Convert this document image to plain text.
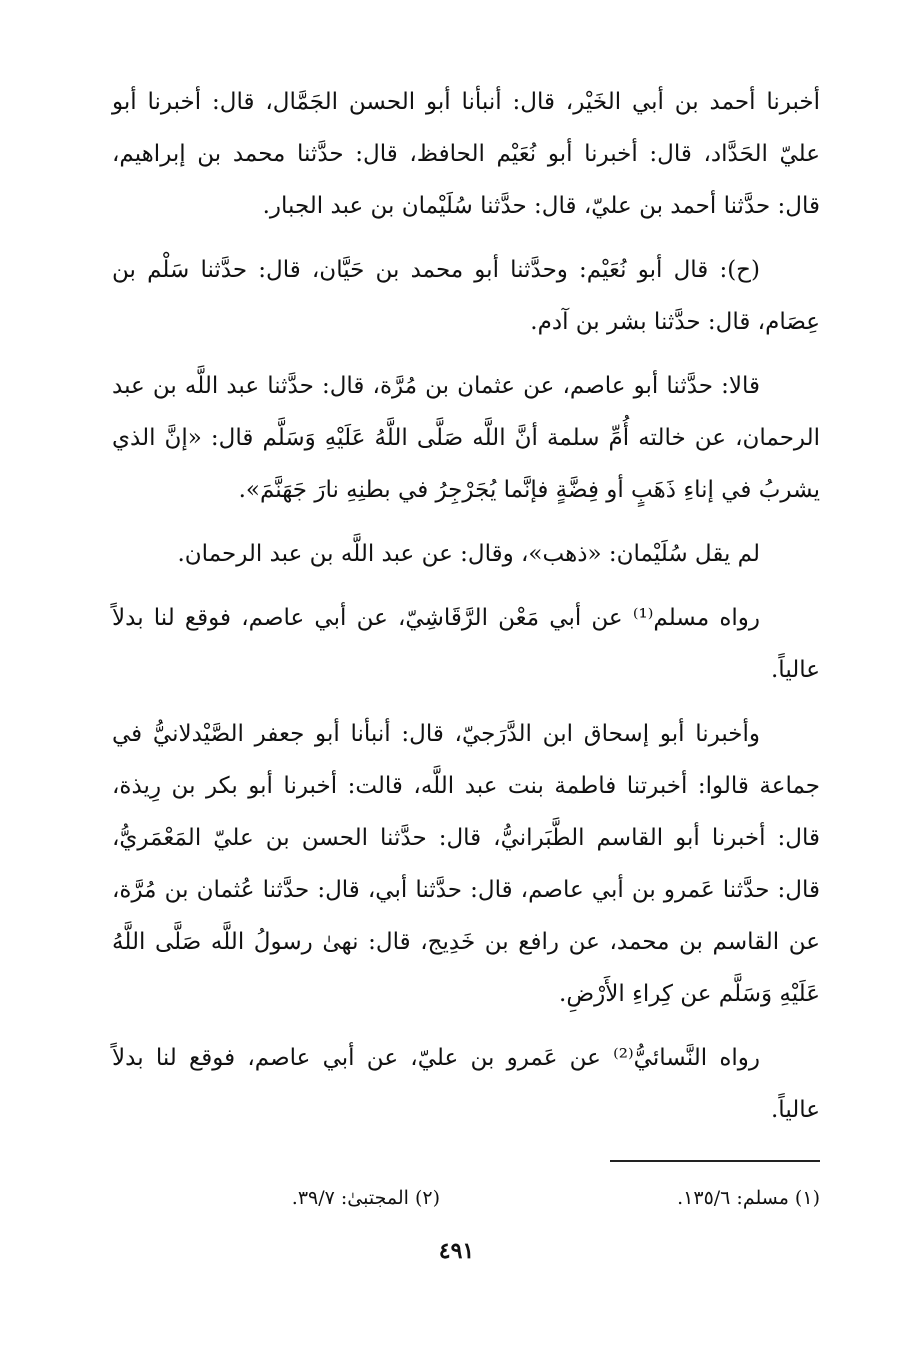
أخبرنا أحمد بن أبي الخَيْر، قال: أنبأنا أبو الحسن الجَمَّال، قال: أخبرنا أبو عليّ الحَدَّاد، قال: أخبرنا أبو نُعَيْم الحافظ، قال: حدَّثنا محمد بن إبراهيم، قال: حدَّثنا أحمد بن عليّ، قال: حدَّثنا سُلَيْمان بن عبد الجبار.

(ح): قال أبو نُعَيْم: وحدَّثنا أبو محمد بن حَيَّان، قال: حدَّثنا سَلْم بن عِصَام، قال: حدَّثنا بشر بن آدم.

قالا: حدَّثنا أبو عاصم، عن عثمان بن مُرَّة، قال: حدَّثنا عبد اللَّه بن عبد الرحمان، عن خالته أُمِّ سلمة أنَّ اللَّه صَلَّى اللَّهُ عَلَيْهِ وَسَلَّم قال: «إنَّ الذي يشربُ في إناءِ ذَهَبٍ أو فِضَّةٍ فإنَّما يُجَرْجِرُ في بطنِهِ نارَ جَهَنَّمَ».

لم يقل سُلَيْمان: «ذهب»، وقال: عن عبد اللَّه بن عبد الرحمان.

رواه مسلم⁽¹⁾ عن أبي مَعْن الرَّقَاشِيّ، عن أبي عاصم، فوقع لنا بدلاً عالياً.

وأخبرنا أبو إسحاق ابن الدَّرَجيّ، قال: أنبأنا أبو جعفر الصَّيْدلانيُّ في جماعة قالوا: أخبرتنا فاطمة بنت عبد اللَّه، قالت: أخبرنا أبو بكر بن رِيذة، قال: أخبرنا أبو القاسم الطَّبَرانيُّ، قال: حدَّثنا الحسن بن عليّ المَعْمَريُّ، قال: حدَّثنا عَمرو بن أبي عاصم، قال: حدَّثنا أبي، قال: حدَّثنا عُثمان بن مُرَّة، عن القاسم بن محمد، عن رافع بن خَدِيج، قال: نهىٰ رسولُ اللَّه صَلَّى اللَّهُ عَلَيْهِ وَسَلَّم عن كِراءِ الأَرْضِ.

رواه النَّسائيُّ⁽²⁾ عن عَمرو بن عليّ، عن أبي عاصم، فوقع لنا بدلاً عالياً.

(١) مسلم: ١٣٥/٦.
(٢) المجتبىٰ: ٣٩/٧.
٤٩١
